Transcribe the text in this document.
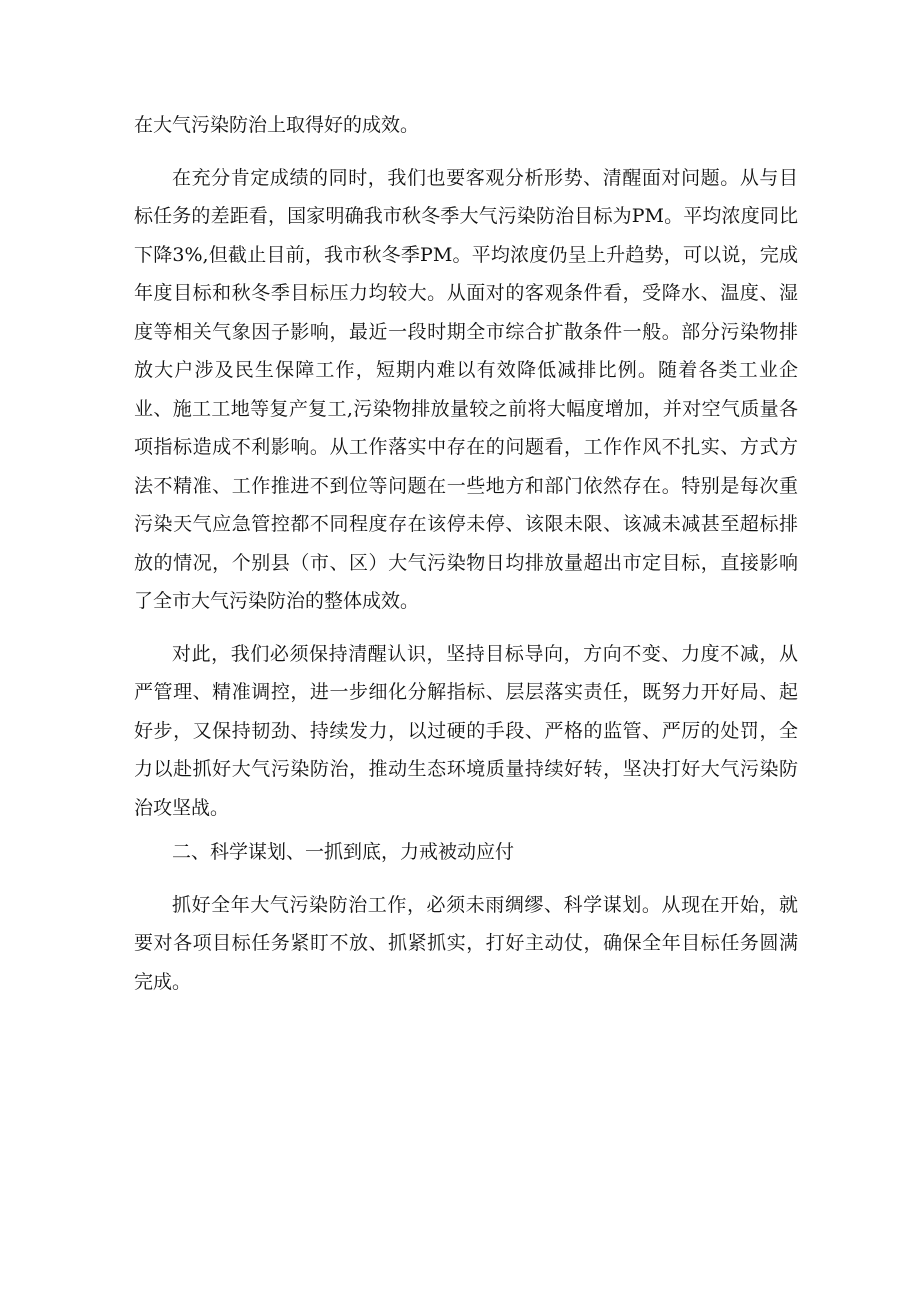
在大气污染防治上取得好的成效。

在充分肯定成绩的同时，我们也要客观分析形势、清醒面对问题。从与目标任务的差距看，国家明确我市秋冬季大气污染防治目标为PM。平均浓度同比下降3%,但截止目前，我市秋冬季PM。平均浓度仍呈上升趋势，可以说，完成年度目标和秋冬季目标压力均较大。从面对的客观条件看，受降水、温度、湿度等相关气象因子影响，最近一段时期全市综合扩散条件一般。部分污染物排放大户涉及民生保障工作，短期内难以有效降低减排比例。随着各类工业企业、施工工地等复产复工,污染物排放量较之前将大幅度增加，并对空气质量各项指标造成不利影响。从工作落实中存在的问题看，工作作风不扎实、方式方法不精准、工作推进不到位等问题在一些地方和部门依然存在。特别是每次重污染天气应急管控都不同程度存在该停未停、该限未限、该减未减甚至超标排放的情况，个别县（市、区）大气污染物日均排放量超出市定目标，直接影响了全市大气污染防治的整体成效。

对此，我们必须保持清醒认识，坚持目标导向，方向不变、力度不减，从严管理、精准调控，进一步细化分解指标、层层落实责任，既努力开好局、起好步，又保持韧劲、持续发力，以过硬的手段、严格的监管、严厉的处罚，全力以赴抓好大气污染防治，推动生态环境质量持续好转，坚决打好大气污染防治攻坚战。

二、科学谋划、一抓到底，力戒被动应付

抓好全年大气污染防治工作，必须未雨绸缪、科学谋划。从现在开始，就要对各项目标任务紧盯不放、抓紧抓实，打好主动仗，确保全年目标任务圆满完成。
